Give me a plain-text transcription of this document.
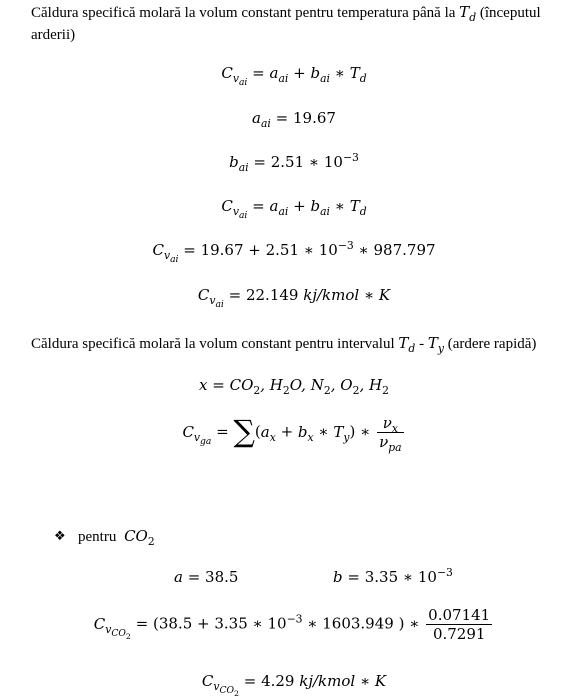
Căldura specifică molară la volum constant pentru temperatura până la $T_d$ (începutul
arderii)
$C_{v_{ai}} = a_{ai} + b_{ai}$ ∗ $T_d$
$a_{ai} = 19.67$
$b_{ai} = 2.51$ ∗ $10^{-3}$
$C_{v_{ai}} = a_{ai} + b_{ai}$ ∗ $T_d$
$C_{v_{ai}} = 19.67 + 2.51$ ∗ $10^{-3}$ ∗ 987.797
$C_{v_{ai}} = 22.149$ kj/kmol ∗ K
Căldura specifică molară la volum constant pentru intervalul $T_d - T_y$ (ardere rapidă)
$x = CO_2$, $H_2O$, $N_2$, $O_2$, $H_2$
$C_{v_{ga}} = \sum(a_x + b_x$ ∗ $T_y$) ∗ $\frac{\nu_x}{\nu_{pa}}$
❖ pentru $CO_2$
a = 38.5	b = 3.35 ∗ $10^{-3}$
$C_{v_{CO_2}} = (38.5 + 3.35$ ∗ $10^{-3}$ ∗ 1603.949 ) ∗ $\frac{0.07141}{0.7291}$
$C_{v_{CO_2}} = 4.29$ kj/kmol ∗ K
